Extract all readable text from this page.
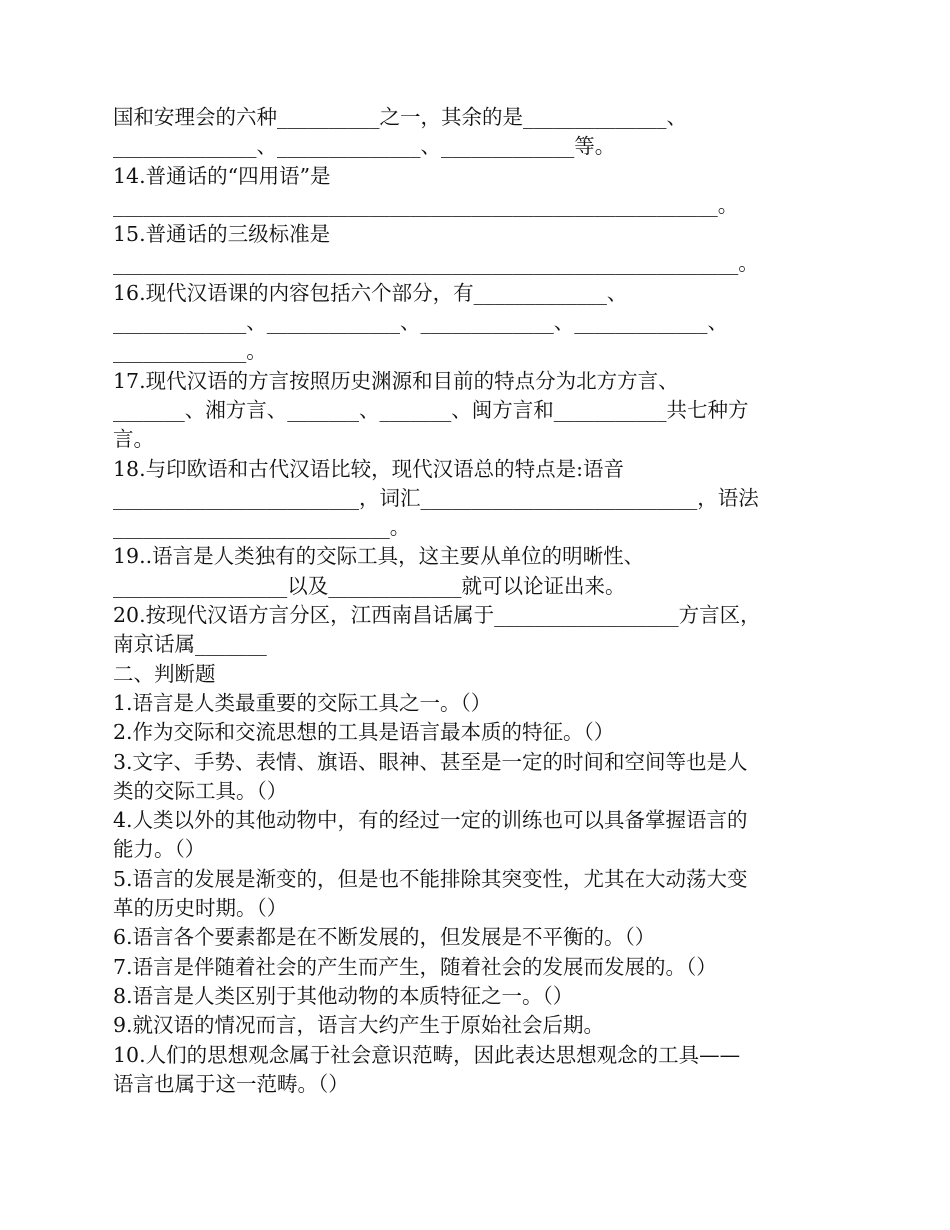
国和安理会的六种__________之一，其余的是______________、
______________、______________、_____________等。
14.普通话的“四用语”是
___________________________________________________________。
15.普通话的三级标准是
_____________________________________________________________。
16.现代汉语课的内容包括六个部分，有_____________、
_____________、_____________、_____________、_____________、
_____________。
17.现代汉语的方言按照历史渊源和目前的特点分为北方方言、
_______、湘方言、_______、_______、闽方言和___________共七种方
言。
18.与印欧语和古代汉语比较，现代汉语总的特点是:语音
________________________，词汇___________________________，语法
___________________________。
19..语言是人类独有的交际工具，这主要从单位的明晰性、
_________________以及_____________就可以论证出来。
20.按现代汉语方言分区，江西南昌话属于__________________方言区，
南京话属_______
二、判断题
1.语言是人类最重要的交际工具之一。（）
2.作为交际和交流思想的工具是语言最本质的特征。（）
3.文字、手势、表情、旗语、眼神、甚至是一定的时间和空间等也是人
类的交际工具。（）
4.人类以外的其他动物中，有的经过一定的训练也可以具备掌握语言的
能力。（）
5.语言的发展是渐变的，但是也不能排除其突变性，尤其在大动荡大变
革的历史时期。（）
6.语言各个要素都是在不断发展的，但发展是不平衡的。（）
7.语言是伴随着社会的产生而产生，随着社会的发展而发展的。（）
8.语言是人类区别于其他动物的本质特征之一。（）
9.就汉语的情况而言，语言大约产生于原始社会后期。
10.人们的思想观念属于社会意识范畴，因此表达思想观念的工具——
语言也属于这一范畴。（）
